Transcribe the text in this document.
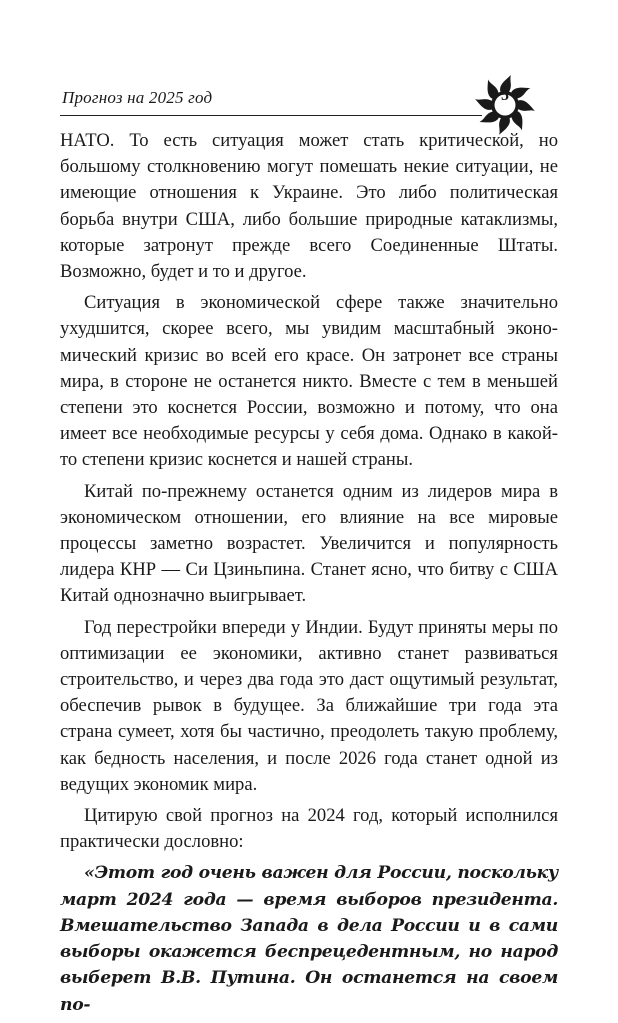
Прогноз на 2025 год	5

НАТО. То есть ситуация может стать критической, но большому столкновению могут помешать некие ситуации, не имеющие отношения к Украине. Это либо политическая борьба внутри США, либо большие природные катаклизмы, которые затронут прежде всего Соединенные Штаты. Возможно, будет и то и другое.

Ситуация в экономической сфере также значительно ухудшится, скорее всего, мы увидим масштабный экономический кризис во всей его красе. Он затронет все страны мира, в стороне не останется никто. Вместе с тем в меньшей степени это коснется России, возможно и потому, что она имеет все необходимые ресурсы у себя дома. Однако в какой-то степени кризис коснется и нашей страны.

Китай по-прежнему останется одним из лидеров мира в экономическом отношении, его влияние на все мировые процессы заметно возрастет. Увеличится и популярность лидера КНР — Си Цзиньпина. Станет ясно, что битву с США Китай однозначно выигрывает.

Год перестройки впереди у Индии. Будут приняты меры по оптимизации ее экономики, активно станет развиваться строительство, и через два года это даст ощутимый результат, обеспечив рывок в будущее. За ближайшие три года эта страна сумеет, хотя бы частично, преодолеть такую проблему, как бедность населения, и после 2026 года станет одной из ведущих экономик мира.

Цитирую свой прогноз на 2024 год, который исполнился практически дословно:

«Этот год очень важен для России, поскольку март 2024 года — время выборов президента. Вмешательство Запада в дела России и в сами выборы окажется беспрецедентным, но народ выберет В.В. Путина. Он останется на своем по-
